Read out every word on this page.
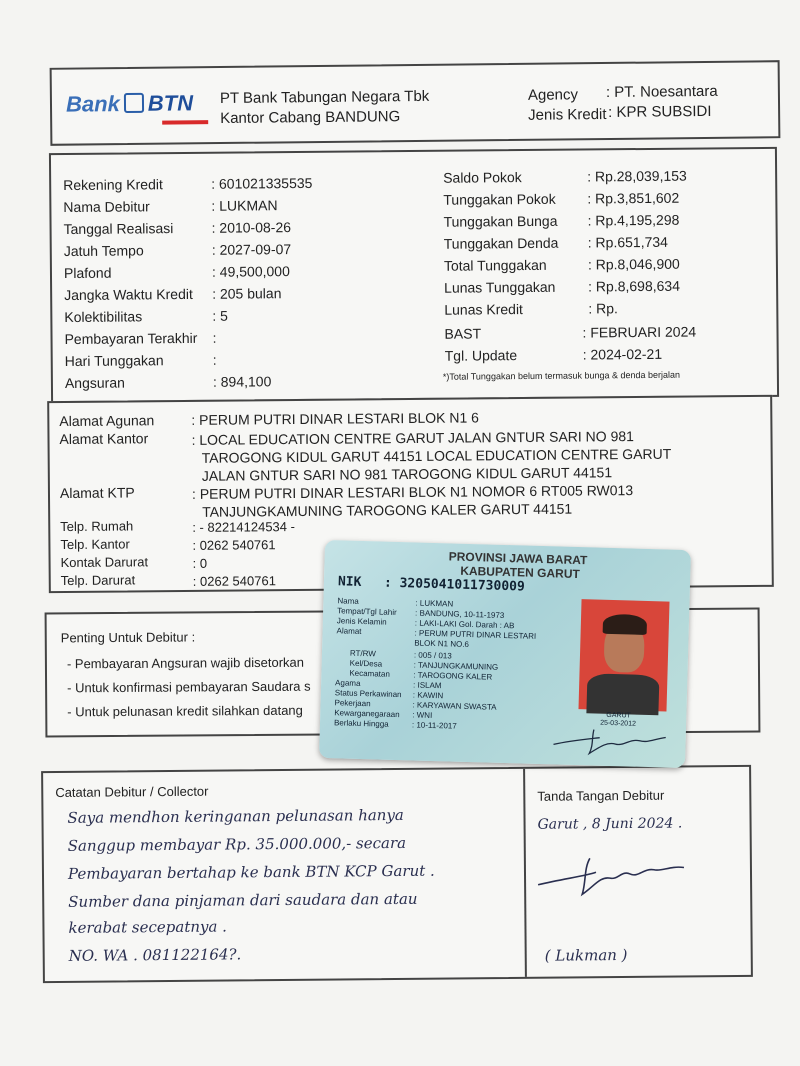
Bank BTN PT Bank Tabungan Negara Tbk
Kantor Cabang BANDUNG
Agency : PT. Noesantara
Jenis Kredit : KPR SUBSIDI
Rekening Kredit	: 601021335535
Nama Debitur	: LUKMAN
Tanggal Realisasi	: 2010-08-26
Jatuh Tempo	: 2027-09-07
Plafond	: 49,500,000
Jangka Waktu Kredit : 205 bulan
Kolektibilitas	: 5
Pembayaran Terakhir :
Hari Tunggakan	:
Angsuran	: 894,100
Saldo Pokok	: Rp.28,039,153
Tunggakan Pokok : Rp.3,851,602
Tunggakan Bunga : Rp.4,195,298
Tunggakan Denda : Rp.651,734
Total Tunggakan	: Rp.8,046,900
Lunas Tunggakan : Rp.8,698,634
Lunas Kredit	: Rp.
BAST	: FEBRUARI 2024
Tgl. Update	: 2024-02-21
*)Total Tunggakan belum termasuk bunga & denda berjalan
Alamat Agunan	: PERUM PUTRI DINAR LESTARI BLOK N1 6
Alamat Kantor	: LOCAL EDUCATION CENTRE GARUT JALAN GNTUR SARI NO 981
TAROGONG KIDUL GARUT 44151 LOCAL EDUCATION CENTRE GARUT
JALAN GNTUR SARI NO 981 TAROGONG KIDUL GARUT 44151
Alamat KTP	: PERUM PUTRI DINAR LESTARI BLOK N1 NOMOR 6 RT005 RW013
TANJUNGKAMUNING TAROGONG KALER GARUT 44151
Telp. Rumah	: - 82214124534 -
Telp. Kantor	: 0262 540761
Kontak Darurat	: 0
Telp. Darurat	: 0262 540761
Penting Untuk Debitur :
- Pembayaran Angsuran wajib disetorkan
- Untuk konfirmasi pembayaran Saudara s
- Untuk pelunasan kredit silahkan datang
Catatan Debitur / Collector
Saya mendhon keringanan pelunasan hanya
Sanggup membayar Rp. 35.000.000,- secara
Pembayaran bertahap ke bank BTN KCP Garut .
Sumber dana pinjaman dari saudara dan atau
kerabat secepatnya .
NO. WA . 081122164?.
Tanda Tangan Debitur
Garut , 8 Juni 2024 .
( Lukman )
PROVINSI JAWA BARAT
KABUPATEN GARUT
NIK : 3205041011730009
Nama	: LUKMAN
Tempat/Tgl Lahir : BANDUNG, 10-11-1973
Jenis Kelamin	: LAKI-LAKI Gol. Darah : AB
Alamat	: PERUM PUTRI DINAR LESTARI
BLOK N1 NO.6
RT/RW	: 005 / 013
Kel/Desa	: TANJUNGKAMUNING
Kecamatan	: TAROGONG KALER
Agama	: ISLAM
Status Perkawinan : KAWIN
Pekerjaan	: KARYAWAN SWASTA
Kewarganegaraan : WNI
Berlaku Hingga	: 10-11-2017
GARUT
25-03-2012
